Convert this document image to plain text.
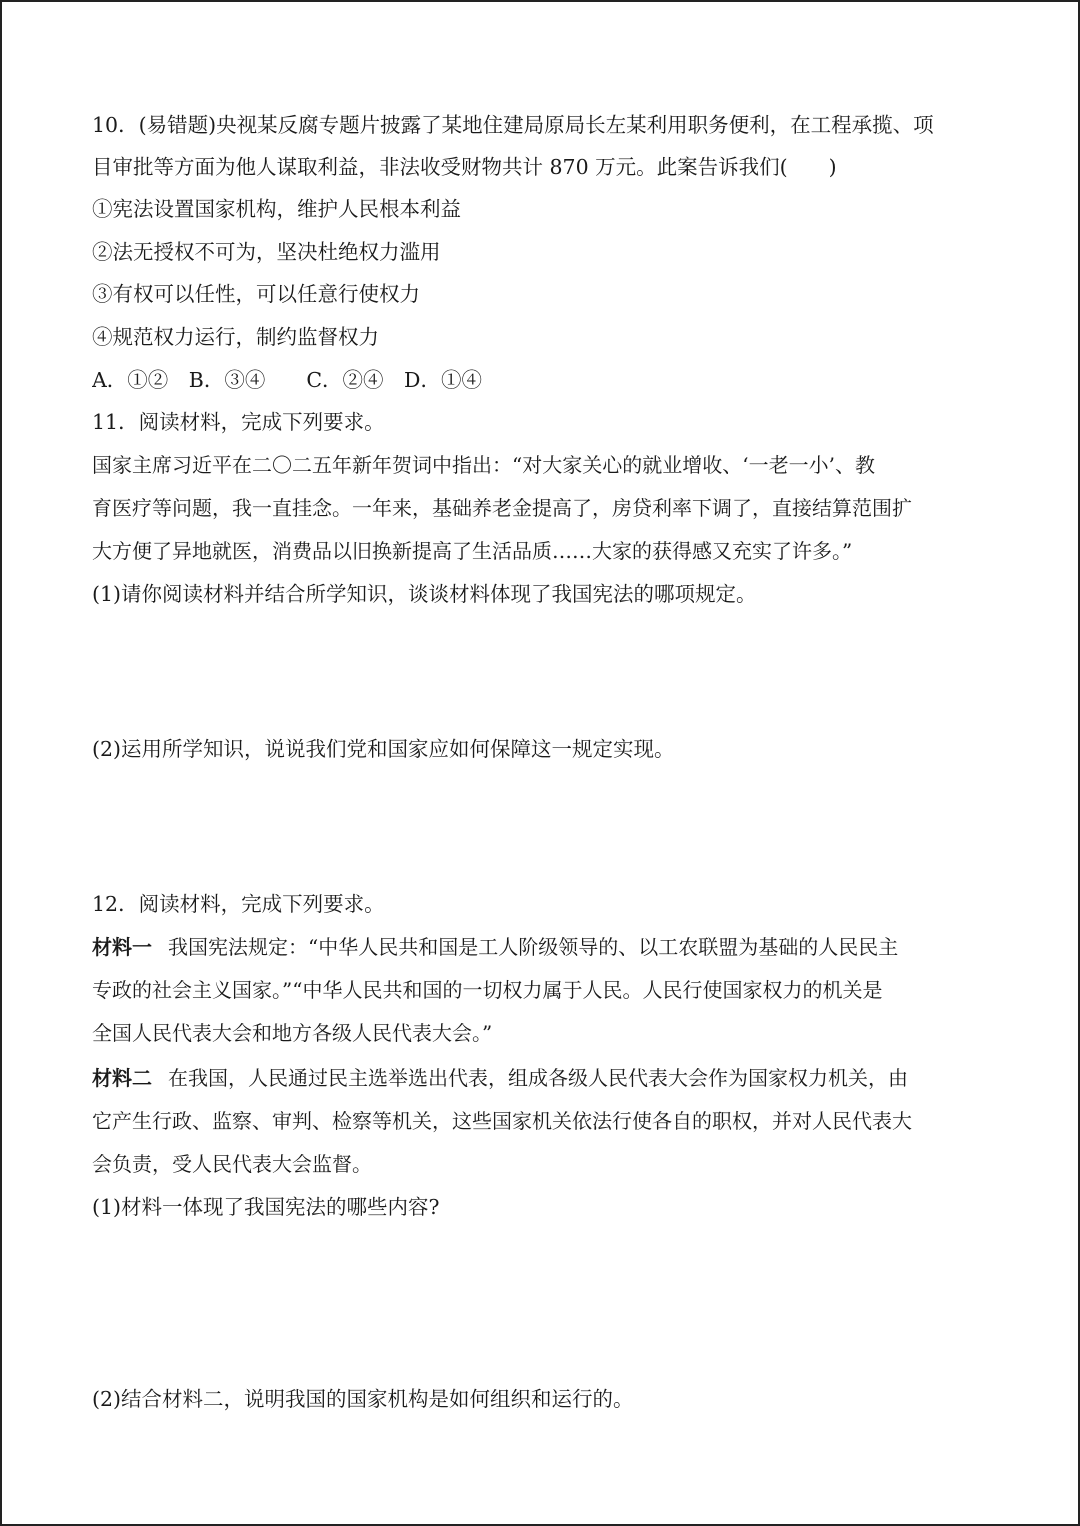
10．(易错题)央视某反腐专题片披露了某地住建局原局长左某利用职务便利，在工程承揽、项
目审批等方面为他人谋取利益，非法收受财物共计 870 万元。此案告诉我们(　　)
①宪法设置国家机构，维护人民根本利益
②法无授权不可为，坚决杜绝权力滥用
③有权可以任性，可以任意行使权力
④规范权力运行，制约监督权力
A．①②　B．③④　　C．②④　D．①④
11．阅读材料，完成下列要求。
国家主席习近平在二〇二五年新年贺词中指出：“对大家关心的就业增收、‘一老一小’、教
育医疗等问题，我一直挂念。一年来，基础养老金提高了，房贷利率下调了，直接结算范围扩
大方便了异地就医，消费品以旧换新提高了生活品质……大家的获得感又充实了许多。”
(1)请你阅读材料并结合所学知识，谈谈材料体现了我国宪法的哪项规定。
(2)运用所学知识，说说我们党和国家应如何保障这一规定实现。
12．阅读材料，完成下列要求。
材料一 我国宪法规定：“中华人民共和国是工人阶级领导的、以工农联盟为基础的人民民主
专政的社会主义国家。”“中华人民共和国的一切权力属于人民。人民行使国家权力的机关是
全国人民代表大会和地方各级人民代表大会。”
材料二 在我国，人民通过民主选举选出代表，组成各级人民代表大会作为国家权力机关，由
它产生行政、监察、审判、检察等机关，这些国家机关依法行使各自的职权，并对人民代表大
会负责，受人民代表大会监督。
(1)材料一体现了我国宪法的哪些内容?
(2)结合材料二，说明我国的国家机构是如何组织和运行的。
